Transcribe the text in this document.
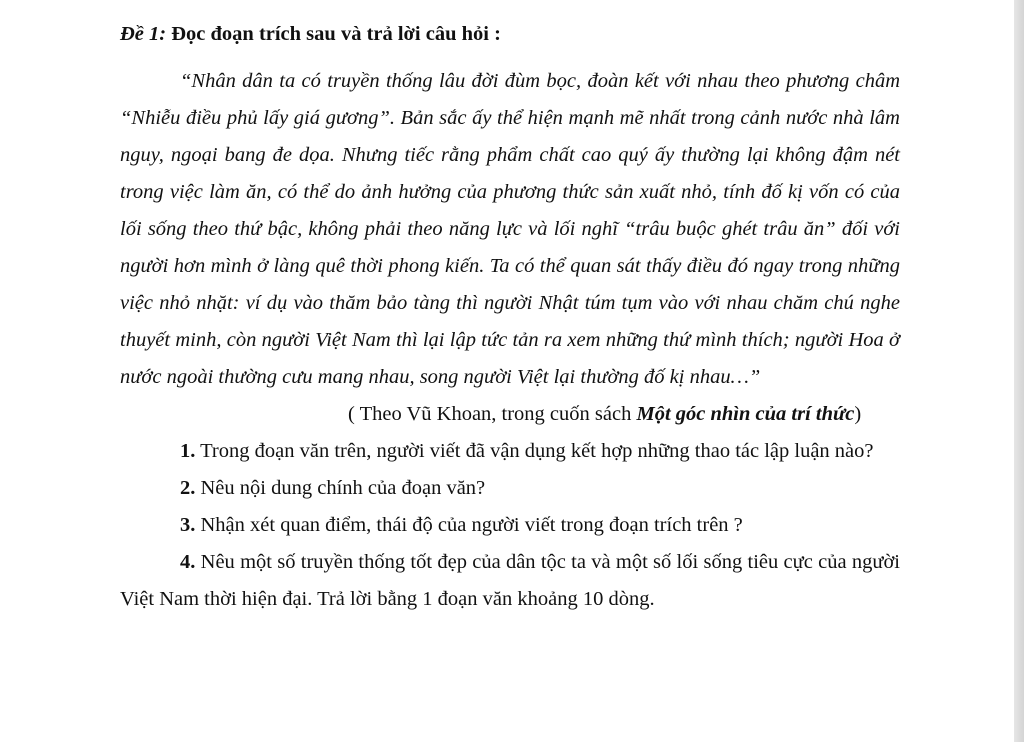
Đề 1: Đọc đoạn trích sau và trả lời câu hỏi :

“Nhân dân ta có truyền thống lâu đời đùm bọc, đoàn kết với nhau theo phương châm “Nhiễu điều phủ lấy giá gương”. Bản sắc ấy thể hiện mạnh mẽ nhất trong cảnh nước nhà lâm nguy, ngoại bang đe dọa. Nhưng tiếc rằng phẩm chất cao quý ấy thường lại không đậm nét trong việc làm ăn, có thể do ảnh hưởng của phương thức sản xuất nhỏ, tính đố kị vốn có của lối sống theo thứ bậc, không phải theo năng lực và lối nghĩ “trâu buộc ghét trâu ăn” đối với người hơn mình ở làng quê thời phong kiến. Ta có thể quan sát thấy điều đó ngay trong những việc nhỏ nhặt: ví dụ vào thăm bảo tàng thì người Nhật túm tụm vào với nhau chăm chú nghe thuyết minh, còn người Việt Nam thì lại lập tức tản ra xem những thứ mình thích; người Hoa ở nước ngoài thường cưu mang nhau, song người Việt lại thường đố kị nhau…”

( Theo Vũ Khoan, trong cuốn sách Một góc nhìn của trí thức)

1. Trong đoạn văn trên, người viết đã vận dụng kết hợp những thao tác lập luận nào?

2. Nêu nội dung chính của đoạn văn?

3. Nhận xét quan điểm, thái độ của người viết trong đoạn trích trên ?

4. Nêu một số truyền thống tốt đẹp của dân tộc ta và một số lối sống tiêu cực của người Việt Nam thời hiện đại. Trả lời bằng 1 đoạn văn khoảng 10 dòng.
